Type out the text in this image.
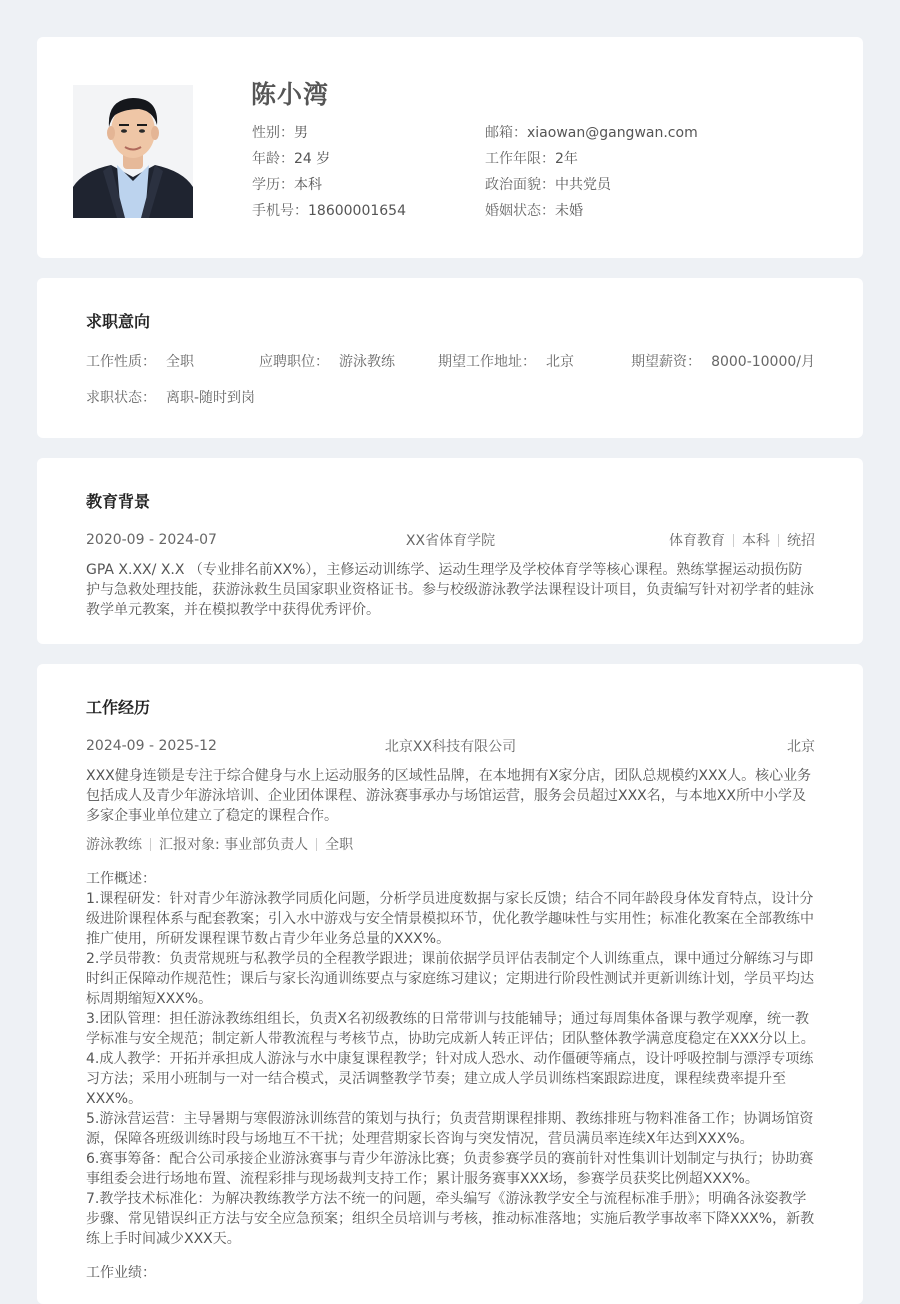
陈小湾
性别：男
年龄：24 岁
学历：本科
手机号：18600001654
邮箱：xiaowan@gangwan.com
工作年限：2年
政治面貌：中共党员
婚姻状态：未婚
求职意向
工作性质： 全职	应聘职位： 游泳教练	期望工作地址： 北京	期望薪资： 8000-10000/月
求职状态： 离职-随时到岗
教育背景
2020-09 - 2024-07	XX省体育学院	体育教育 本科 统招
GPA X.XX/ X.X （专业排名前XX%），主修运动训练学、运动生理学及学校体育学等核心课程。熟练掌握运动损伤防
护与急救处理技能，获游泳救生员国家职业资格证书。参与校级游泳教学法课程设计项目，负责编写针对初学者的蛙泳
教学单元教案，并在模拟教学中获得优秀评价。
工作经历
2024-09 - 2025-12	北京XX科技有限公司	北京
XXX健身连锁是专注于综合健身与水上运动服务的区域性品牌，在本地拥有X家分店，团队总规模约XXX人。核心业务
包括成人及青少年游泳培训、企业团体课程、游泳赛事承办与场馆运营，服务会员超过XXX名，与本地XX所中小学及
多家企事业单位建立了稳定的课程合作。
游泳教练 汇报对象: 事业部负责人 全职
工作概述：
1.课程研发：针对青少年游泳教学同质化问题，分析学员进度数据与家长反馈；结合不同年龄段身体发育特点，设计分
级进阶课程体系与配套教案；引入水中游戏与安全情景模拟环节，优化教学趣味性与实用性；标准化教案在全部教练中
推广使用，所研发课程课节数占青少年业务总量的XXX%。
2.学员带教：负责常规班与私教学员的全程教学跟进；课前依据学员评估表制定个人训练重点，课中通过分解练习与即
时纠正保障动作规范性；课后与家长沟通训练要点与家庭练习建议；定期进行阶段性测试并更新训练计划，学员平均达
标周期缩短XXX%。
3.团队管理：担任游泳教练组组长，负责X名初级教练的日常带训与技能辅导；通过每周集体备课与教学观摩，统一教
学标准与安全规范；制定新人带教流程与考核节点，协助完成新人转正评估；团队整体教学满意度稳定在XXX分以上。
4.成人教学：开拓并承担成人游泳与水中康复课程教学；针对成人恐水、动作僵硬等痛点，设计呼吸控制与漂浮专项练
习方法；采用小班制与一对一结合模式，灵活调整教学节奏；建立成人学员训练档案跟踪进度，课程续费率提升至
XXX%。
5.游泳营运营：主导暑期与寒假游泳训练营的策划与执行；负责营期课程排期、教练排班与物料准备工作；协调场馆资
源，保障各班级训练时段与场地互不干扰；处理营期家长咨询与突发情况，营员满员率连续X年达到XXX%。
6.赛事筹备：配合公司承接企业游泳赛事与青少年游泳比赛；负责参赛学员的赛前针对性集训计划制定与执行；协助赛
事组委会进行场地布置、流程彩排与现场裁判支持工作；累计服务赛事XXX场，参赛学员获奖比例超XXX%。
7.教学技术标准化：为解决教练教学方法不统一的问题，牵头编写《游泳教学安全与流程标准手册》；明确各泳姿教学
步骤、常见错误纠正方法与安全应急预案；组织全员培训与考核，推动标准落地；实施后教学事故率下降XXX%，新教
练上手时间减少XXX天。
工作业绩：
